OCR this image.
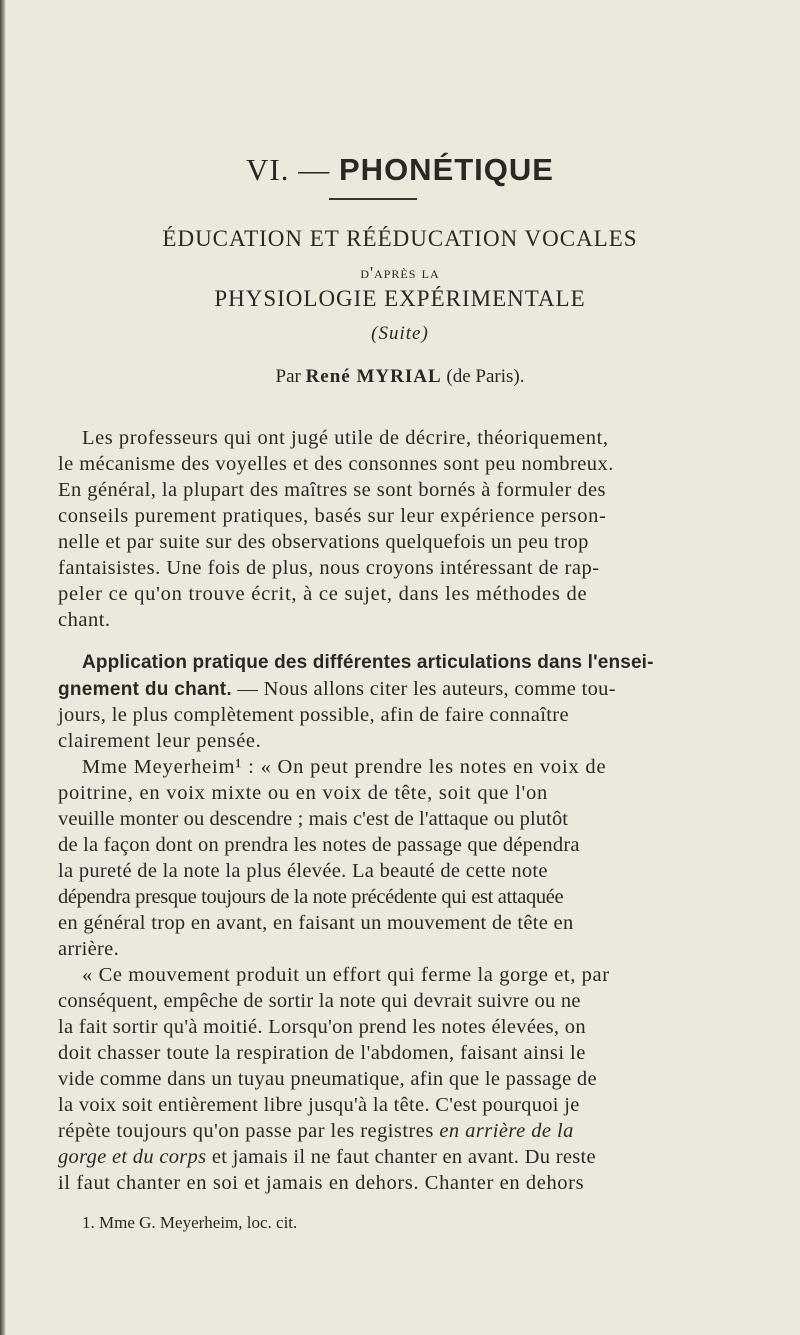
VI. — PHONÉTIQUE
ÉDUCATION ET RÉÉDUCATION VOCALES
d'après la
PHYSIOLOGIE EXPÉRIMENTALE
(Suite)
Par René MYRIAL (de Paris).
Les professeurs qui ont jugé utile de décrire, théoriquement,
le mécanisme des voyelles et des consonnes sont peu nombreux.
En général, la plupart des maîtres se sont bornés à formuler des
conseils purement pratiques, basés sur leur expérience person-
nelle et par suite sur des observations quelquefois un peu trop
fantaisistes. Une fois de plus, nous croyons intéressant de rap-
peler ce qu'on trouve écrit, à ce sujet, dans les méthodes de
chant.
Application pratique des différentes articulations dans l'ensei-
gnement du chant. — Nous allons citer les auteurs, comme tou-
jours, le plus complètement possible, afin de faire connaître
clairement leur pensée.
Mme Meyerheim¹ : « On peut prendre les notes en voix de
poitrine, en voix mixte ou en voix de tête, soit que l'on
veuille monter ou descendre ; mais c'est de l'attaque ou plutôt
de la façon dont on prendra les notes de passage que dépendra
la pureté de la note la plus élevée. La beauté de cette note
dépendra presque toujours de la note précédente qui est attaquée
en général trop en avant, en faisant un mouvement de tête en
arrière.
« Ce mouvement produit un effort qui ferme la gorge et, par
conséquent, empêche de sortir la note qui devrait suivre ou ne
la fait sortir qu'à moitié. Lorsqu'on prend les notes élevées, on
doit chasser toute la respiration de l'abdomen, faisant ainsi le
vide comme dans un tuyau pneumatique, afin que le passage de
la voix soit entièrement libre jusqu'à la tête. C'est pourquoi je
répète toujours qu'on passe par les registres en arrière de la
gorge et du corps et jamais il ne faut chanter en avant. Du reste
il faut chanter en soi et jamais en dehors. Chanter en dehors
1. Mme G. Meyerheim, loc. cit.
